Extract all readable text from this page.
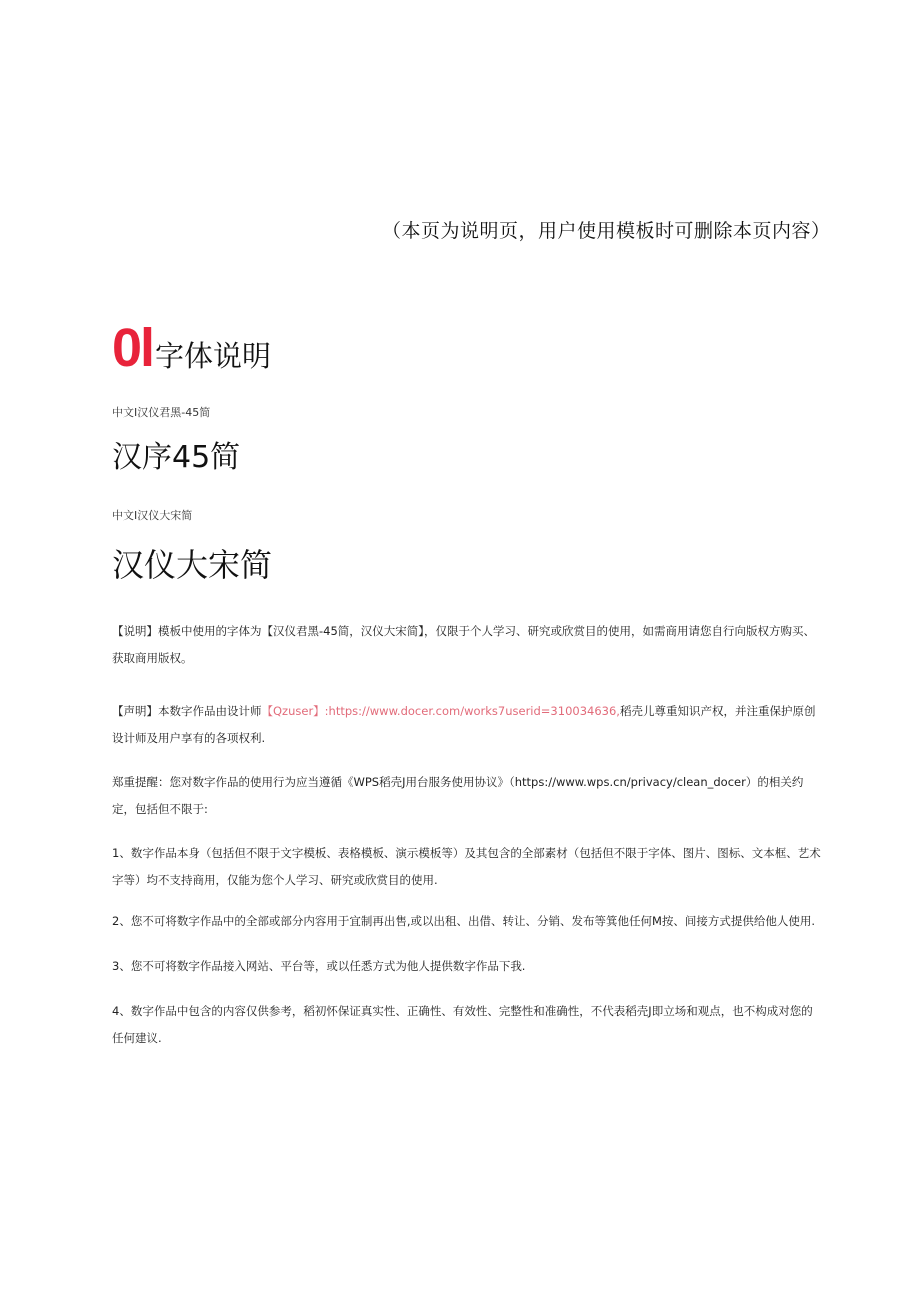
（本页为说明页，用户使用模板时可删除本页内容）
0l 字体说明
中文I汉仪君黑-45简
汉序45简
中文I汉仪大宋简
汉仪大宋简
【说明】模板中使用的字体为【汉仪君黑-45简，汉仪大宋简】，仅限于个人学习、研究或欣赏目的使用，如需商用请您自行向版权方购买、获取商用版权。
【声明】本数字作品由设计师【Qzuser】:https://www.docer.com/works7userid=310034636,稻壳儿尊重知识产权，并注重保护原创设计师及用户享有的各项权利.
郑重提醒：您对数字作品的使用行为应当遵循《WPS稻壳J用台服务使用协议》（https://www.wps.cn/privacy/clean_docer）的相关约定，包括但不限于:
1、数字作品本身（包括但不限于文字模板、表格模板、演示模板等）及其包含的全部素材（包括但不限于字体、图片、图标、文本框、艺术字等）均不支持商用，仅能为您个人学习、研究或欣赏目的使用.
2、您不可将数字作品中的全部或部分内容用于宜制再出售,或以出租、出借、转让、分销、发布等箕他任何M按、间接方式提供给他人使用.
3、您不可将数字作品接入网站、平台等，或以任悉方式为他人提供数字作品下我.
4、数字作品中包含的内容仅供参考，稻初怀保证真实性、正确性、有效性、完整性和准确性，不代表稻壳J即立场和观点，也不构成对您的任何建议.
